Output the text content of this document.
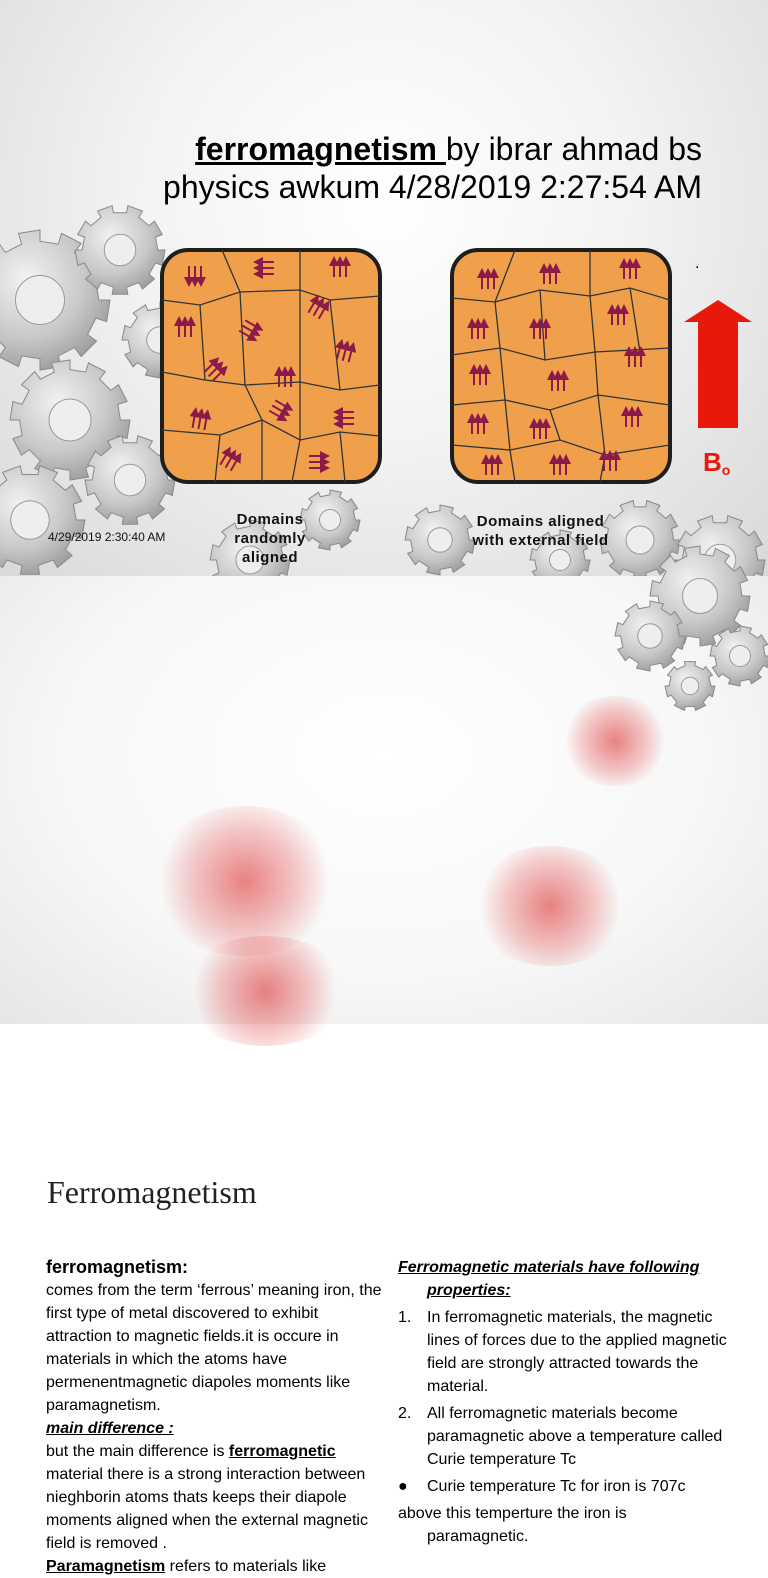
ferromagnetism by ibrar ahmad bs physics awkum 4/28/2019 2:27:54 AM
.
$B_o$
4/29/2019 2:30:40 AM
Domains randomly aligned
Domains aligned with external field
Ferromagnetism
ferromagnetism:
comes from the term ‘ferrous’ meaning iron, the first type of metal discovered to exhibit attraction to magnetic fields.it is occure in materials in which the atoms have permenentmagnetic diapoles moments like paramagnetism.
main difference :
but the main difference is ferromagnetic material there is a strong interaction between nieghborin atoms thats keeps their diapole moments aligned when the external magnetic field is removed .
Paramagnetism refers to materials like
Ferromagnetic materials have following properties:
1. In ferromagnetic materials, the magnetic lines of forces due to the applied magnetic field are strongly attracted towards the material.
2. All ferromagnetic materials become paramagnetic above a temperature called Curie temperature Tc
●	Curie temperature Tc for iron is 707c
above this temperture the iron is paramagnetic.
